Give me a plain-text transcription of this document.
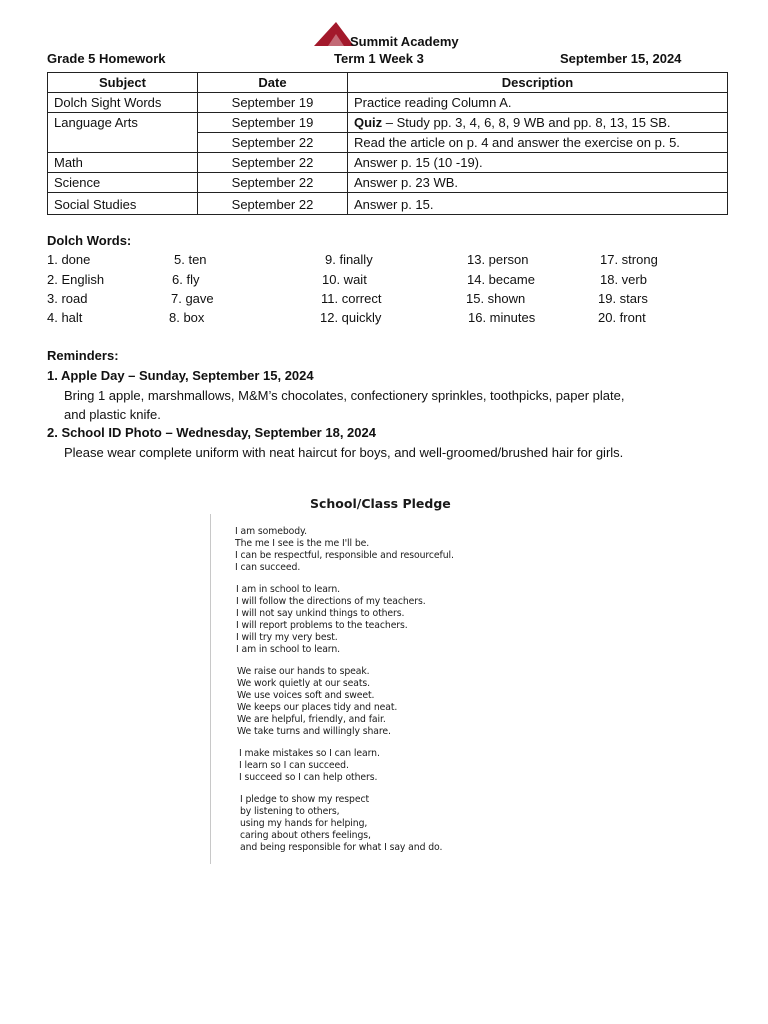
Summit Academy
Grade 5 Homework	Term 1 Week 3	September 15, 2024
Subject	Date	Description
Dolch Sight Words	September 19	Practice reading Column A.
Language Arts	September 19	Quiz – Study pp. 3, 4, 6, 8, 9 WB and pp. 8, 13, 15 SB.
	September 22	Read the article on p. 4 and answer the exercise on p. 5.
Math	September 22	Answer p. 15 (10 -19).
Science	September 22	Answer p. 23 WB.
Social Studies	September 22	Answer p. 15.
Dolch Words:
1. done
2. English
3. road
4. halt
5. ten
6. fly
7. gave
8. box
9. finally
10. wait
11. correct
12. quickly
13. person
14. became
15. shown
16. minutes
17. strong
18. verb
19. stars
20. front
Reminders:
1. Apple Day – Sunday, September 15, 2024
Bring 1 apple, marshmallows, M&M’s chocolates, confectionery sprinkles, toothpicks, paper plate,
and plastic knife.
2. School ID Photo – Wednesday, September 18, 2024
Please wear complete uniform with neat haircut for boys, and well-groomed/brushed hair for girls.
School/Class Pledge
I am somebody.
The me I see is the me I'll be.
I can be respectful, responsible and resourceful.
I can succeed.
I am in school to learn.
I will follow the directions of my teachers.
I will not say unkind things to others.
I will report problems to the teachers.
I will try my very best.
I am in school to learn.
We raise our hands to speak.
We work quietly at our seats.
We use voices soft and sweet.
We keeps our places tidy and neat.
We are helpful, friendly, and fair.
We take turns and willingly share.
I make mistakes so I can learn.
I learn so I can succeed.
I succeed so I can help others.
I pledge to show my respect
by listening to others,
using my hands for helping,
caring about others feelings,
and being responsible for what I say and do.
